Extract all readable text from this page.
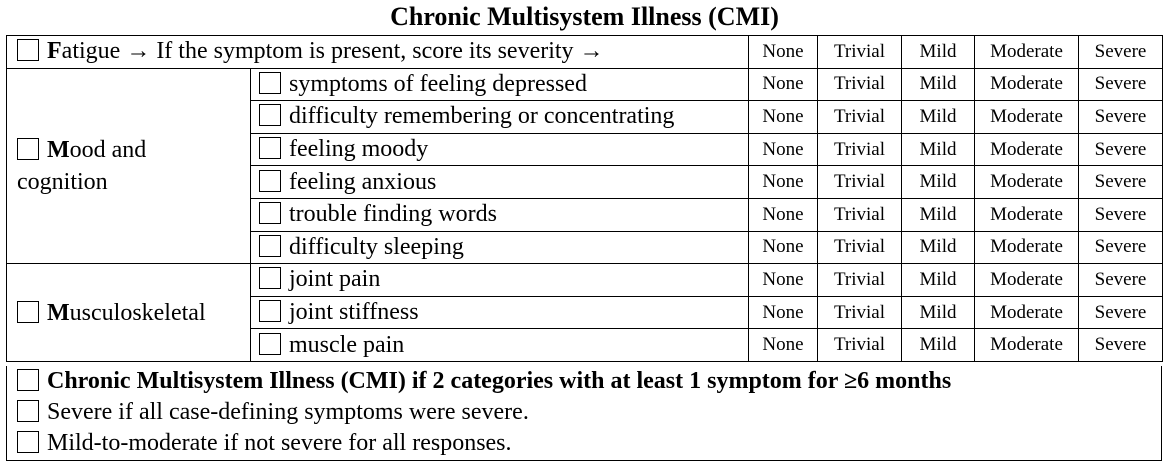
Chronic Multisystem Illness (CMI)
Fatigue → If the symptom is present, score its severity →		None	Trivial	Mild	Moderate	Severe
Mood and
cognition	symptoms of feeling depressed	None	Trivial	Mild	Moderate	Severe
	difficulty remembering or concentrating	None	Trivial	Mild	Moderate	Severe
	feeling moody	None	Trivial	Mild	Moderate	Severe
	feeling anxious	None	Trivial	Mild	Moderate	Severe
	trouble finding words	None	Trivial	Mild	Moderate	Severe
	difficulty sleeping	None	Trivial	Mild	Moderate	Severe
Musculoskeletal	joint pain	None	Trivial	Mild	Moderate	Severe
	joint stiffness	None	Trivial	Mild	Moderate	Severe
	muscle pain	None	Trivial	Mild	Moderate	Severe
Chronic Multisystem Illness (CMI) if 2 categories with at least 1 symptom for ≥6 months
Severe if all case-defining symptoms were severe.
Mild-to-moderate if not severe for all responses.
